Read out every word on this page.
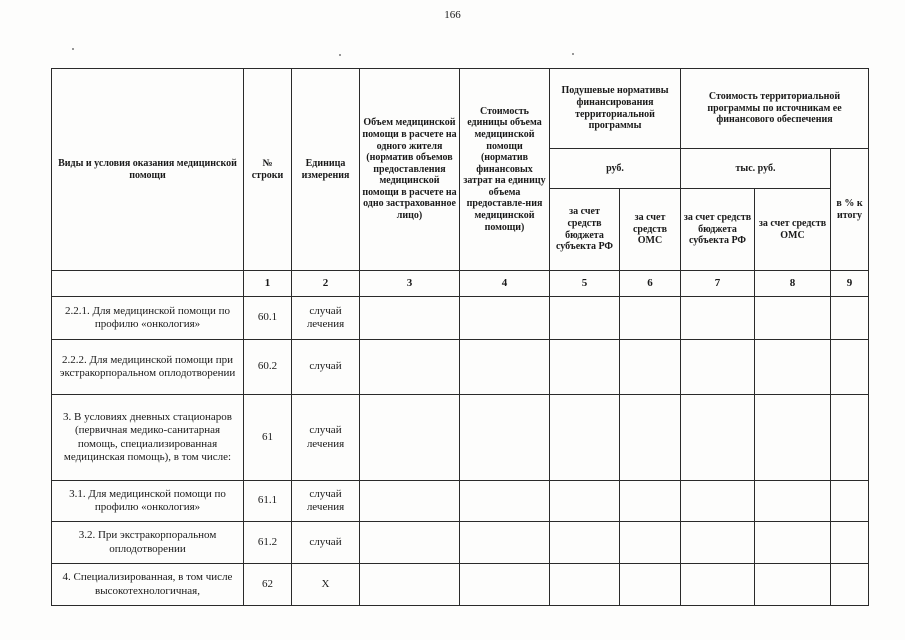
166
Виды и условия оказания медицинской помощи	№ строки	Единица измерения	Объем медицинской помощи в расчете на одного жителя (норматив объемов предоставления медицинской помощи в расчете на одно застрахованное лицо)	Стоимость единицы объема медицинской помощи (норматив финансовых затрат на единицу объема предоставле-ния медицинской помощи)	Подушевые нормативы финансирования территориальной программы		Стоимость территориальной программы по источникам ее финансового обеспечения		
					руб.		тыс. руб.		в % к итогу
					за счет средств бюджета субъекта РФ	за счет средств ОМС	за счет средств бюджета субъекта РФ	за счет средств ОМС	
	1	2	3	4	5	6	7	8	9
2.2.1. Для медицинской помощи по профилю «онкология»	60.1	случай лечения							
2.2.2. Для медицинской помощи при экстракорпоральном оплодотворении	60.2	случай							
3. В условиях дневных стационаров (первичная медико-санитарная помощь, специализированная медицинская помощь), в том числе:	61	случай лечения							
3.1. Для медицинской помощи по профилю «онкология»	61.1	случай лечения							
3.2. При экстракорпоральном оплодотворении	61.2	случай							
4. Специализированная, в том числе высокотехнологичная,	62	Х							
